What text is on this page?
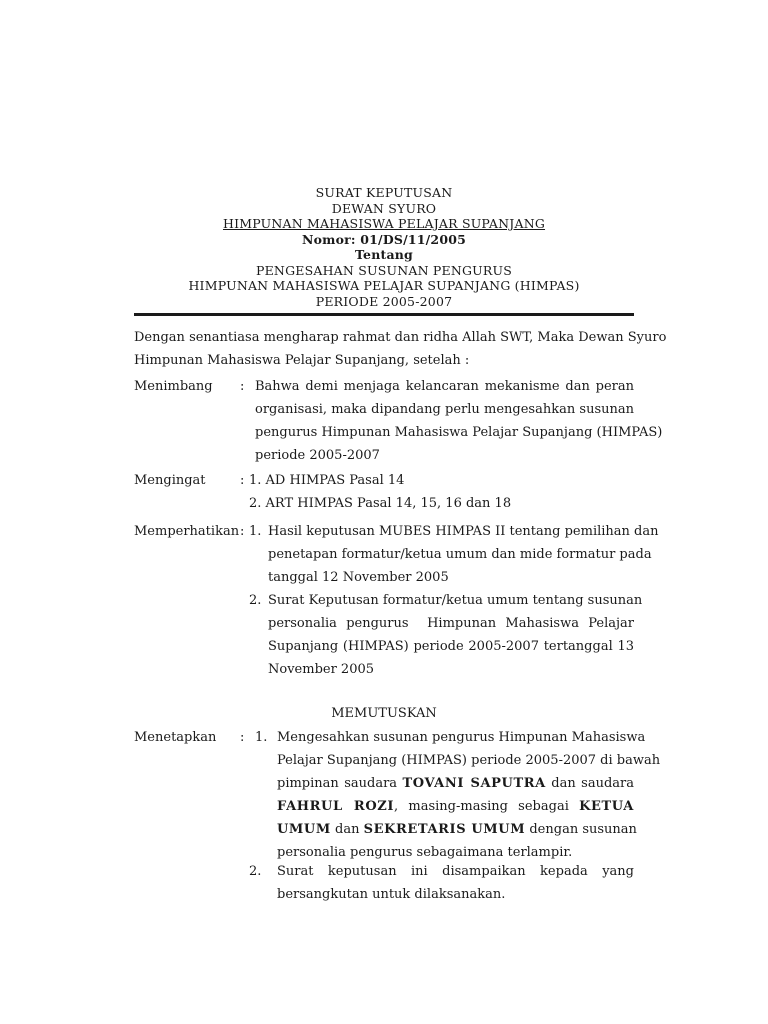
SURAT KEPUTUSAN
DEWAN SYURO
HIMPUNAN MAHASISWA PELAJAR SUPANJANG
Nomor: 01/DS/11/2005
Tentang
PENGESAHAN SUSUNAN PENGURUS
HIMPUNAN MAHASISWA PELAJAR SUPANJANG (HIMPAS)
PERIODE 2005-2007
Dengan senantiasa mengharap rahmat dan ridha Allah SWT, Maka Dewan Syuro
Himpunan Mahasiswa Pelajar Supanjang, setelah :
Menimbang : Bahwa demi menjaga kelancaran mekanisme dan peran
organisasi, maka dipandang perlu mengesahkan susunan
pengurus Himpunan Mahasiswa Pelajar Supanjang (HIMPAS)
periode 2005-2007
Mengingat	: 1. AD HIMPAS Pasal 14
2. ART HIMPAS Pasal 14, 15, 16 dan 18
Memperhatikan : 1. Hasil keputusan MUBES HIMPAS II tentang pemilihan dan
penetapan formatur/ketua umum dan mide formatur pada
tanggal 12 November 2005
2. Surat Keputusan formatur/ketua umum tentang susunan
personalia pengurus  Himpunan Mahasiswa Pelajar
Supanjang (HIMPAS) periode 2005-2007 tertanggal 13
November 2005
MEMUTUSKAN
Menetapkan : 1. Mengesahkan susunan pengurus Himpunan Mahasiswa
Pelajar Supanjang (HIMPAS) periode 2005-2007 di bawah
pimpinan saudara TOVANI SAPUTRA dan saudara
FAHRUL ROZI, masing-masing sebagai KETUA
UMUM dan SEKRETARIS UMUM dengan susunan
personalia pengurus sebagaimana terlampir.
2. Surat keputusan ini disampaikan kepada yang
bersangkutan untuk dilaksanakan.
